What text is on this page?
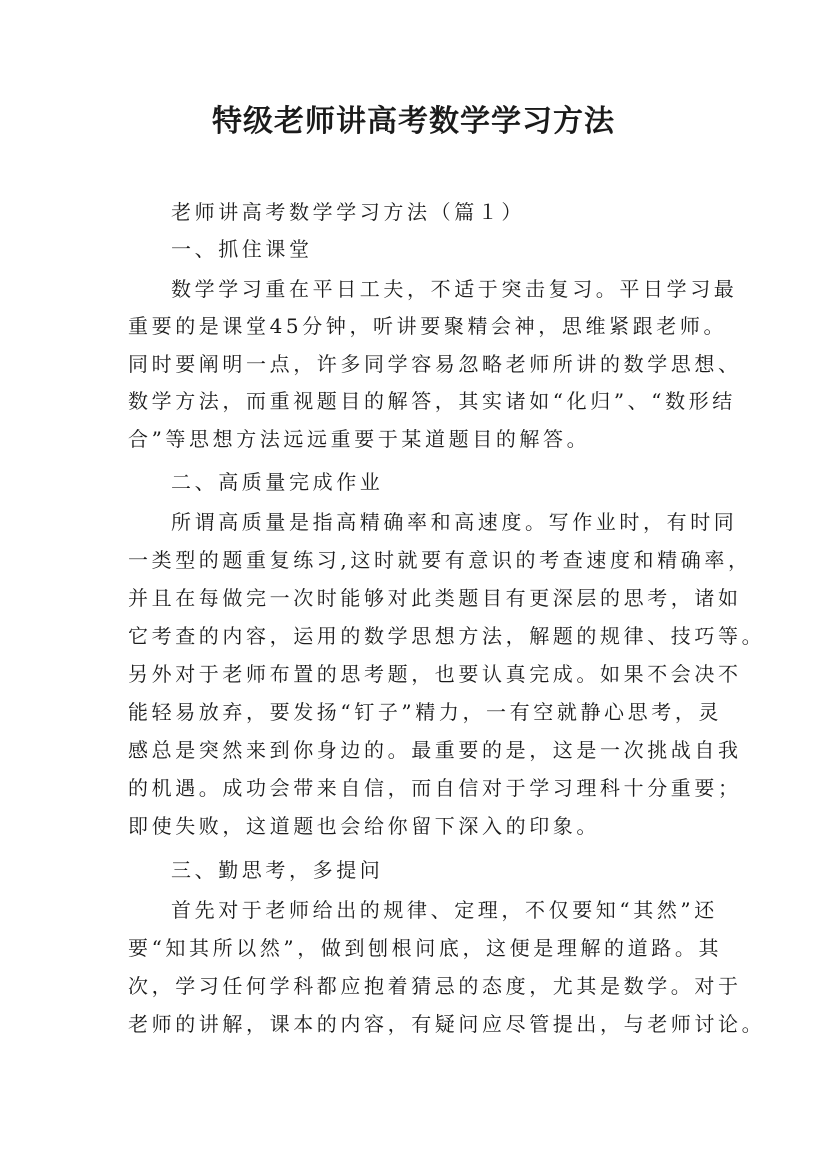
特级老师讲高考数学学习方法

老师讲高考数学学习方法（篇１）

一、抓住课堂

数学学习重在平日工夫，不适于突击复习。平日学习最

重要的是课堂45分钟，听讲要聚精会神，思维紧跟老师。

同时要阐明一点，许多同学容易忽略老师所讲的数学思想、

数学方法，而重视题目的解答，其实诸如“化归”、“数形结

合”等思想方法远远重要于某道题目的解答。

二、高质量完成作业

所谓高质量是指高精确率和高速度。写作业时，有时同

一类型的题重复练习,这时就要有意识的考查速度和精确率，

并且在每做完一次时能够对此类题目有更深层的思考，诸如

它考查的内容，运用的数学思想方法，解题的规律、技巧等。

另外对于老师布置的思考题，也要认真完成。如果不会决不

能轻易放弃，要发扬“钉子”精力，一有空就静心思考，灵

感总是突然来到你身边的。最重要的是，这是一次挑战自我

的机遇。成功会带来自信，而自信对于学习理科十分重要；

即使失败，这道题也会给你留下深入的印象。

三、勤思考，多提问

首先对于老师给出的规律、定理，不仅要知“其然”还

要“知其所以然”，做到刨根问底，这便是理解的道路。其

次，学习任何学科都应抱着猜忌的态度，尤其是数学。对于

老师的讲解，课本的内容，有疑问应尽管提出，与老师讨论。
